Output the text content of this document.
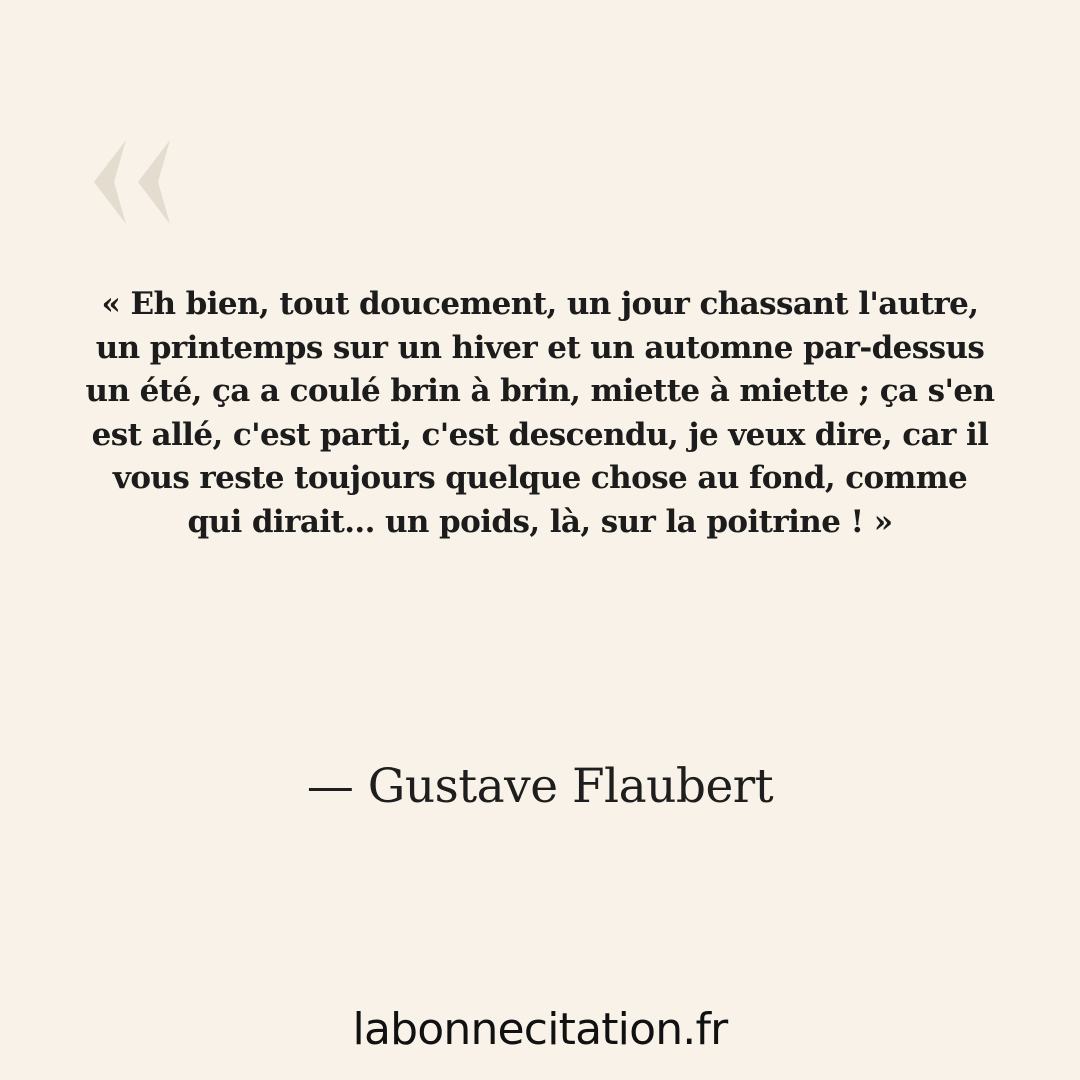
« Eh bien, tout doucement, un jour chassant l'autre,
un printemps sur un hiver et un automne par-dessus
un été, ça a coulé brin à brin, miette à miette ; ça s'en
est allé, c'est parti, c'est descendu, je veux dire, car il
vous reste toujours quelque chose au fond, comme
qui dirait... un poids, là, sur la poitrine ! »

— Gustave Flaubert

labonnecitation.fr
